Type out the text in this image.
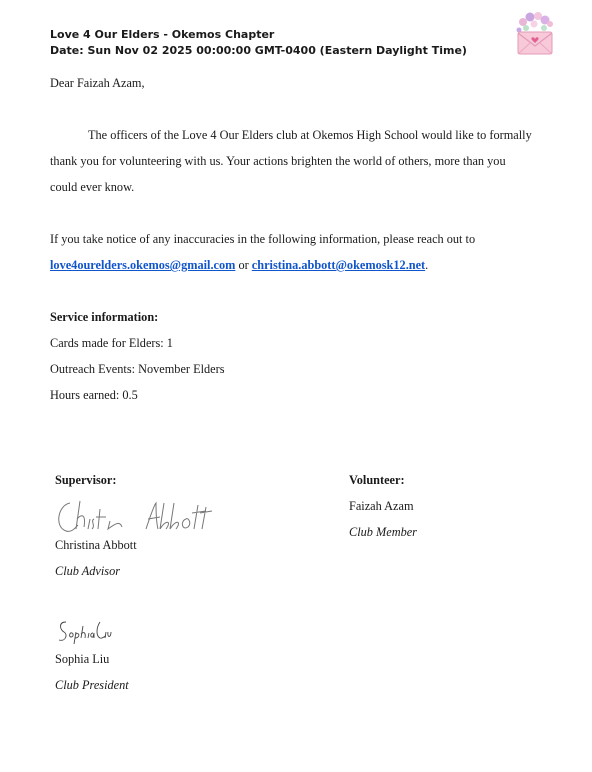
Love 4 Our Elders - Okemos Chapter
Date: Sun Nov 02 2025 00:00:00 GMT-0400 (Eastern Daylight Time)
Dear Faizah Azam,
The officers of the Love 4 Our Elders club at Okemos High School would like to formally
thank you for volunteering with us. Your actions brighten the world of others, more than you
could ever know.
If you take notice of any inaccuracies in the following information, please reach out to
love4ourelders.okemos@gmail.com or christina.abbott@okemosk12.net.
Service information:
Cards made for Elders: 1
Outreach Events: November Elders
Hours earned: 0.5
Supervisor:
Christina Abbott
Club Advisor
Sophia Liu
Club President
Volunteer:
Faizah Azam
Club Member
